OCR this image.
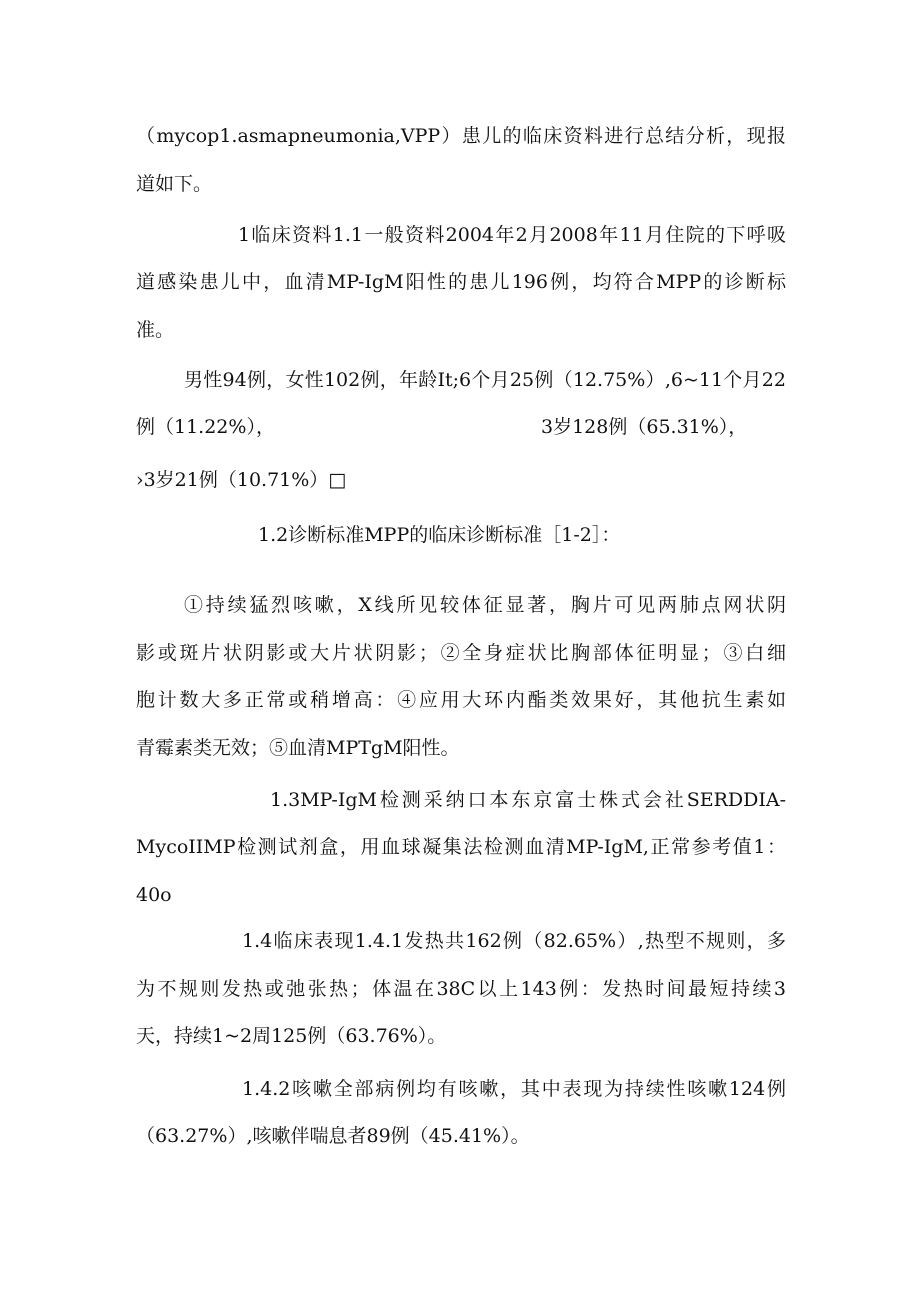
（mycop1.asmapneumonia,VPP）患儿的临床资料进行总结分析，现报
道如下。
1临床资料1.1一般资料2004年2月2008年11月住院的下呼吸
道感染患儿中，血清MP-IgM阳性的患儿196例，均符合MPP的诊断标
准。
男性94例，女性102例，年龄It;6个月25例（12.75%）,6~11个月22
例（11.22%），	3岁128例（65.31%），
›3岁21例（10.71%）□
1.2诊断标准MPP的临床诊断标准［1-2］：
①持续猛烈咳嗽，X线所见较体征显著，胸片可见两肺点网状阴
影或斑片状阴影或大片状阴影；②全身症状比胸部体征明显；③白细
胞计数大多正常或稍增高：④应用大环内酯类效果好，其他抗生素如
青霉素类无效；⑤血清MPTgM阳性。
1.3MP-IgM检测采纳口本东京富士株式会社SERDDIA-
MycoIIMP检测试剂盒，用血球凝集法检测血清MP-IgM,正常参考值1：
40o
1.4临床表现1.4.1发热共162例（82.65%）,热型不规则，多
为不规则发热或弛张热；体温在38C以上143例：发热时间最短持续3
天，持续1~2周125例（63.76%）。
1.4.2咳嗽全部病例均有咳嗽，其中表现为持续性咳嗽124例
（63.27%）,咳嗽伴喘息者89例（45.41%）。
